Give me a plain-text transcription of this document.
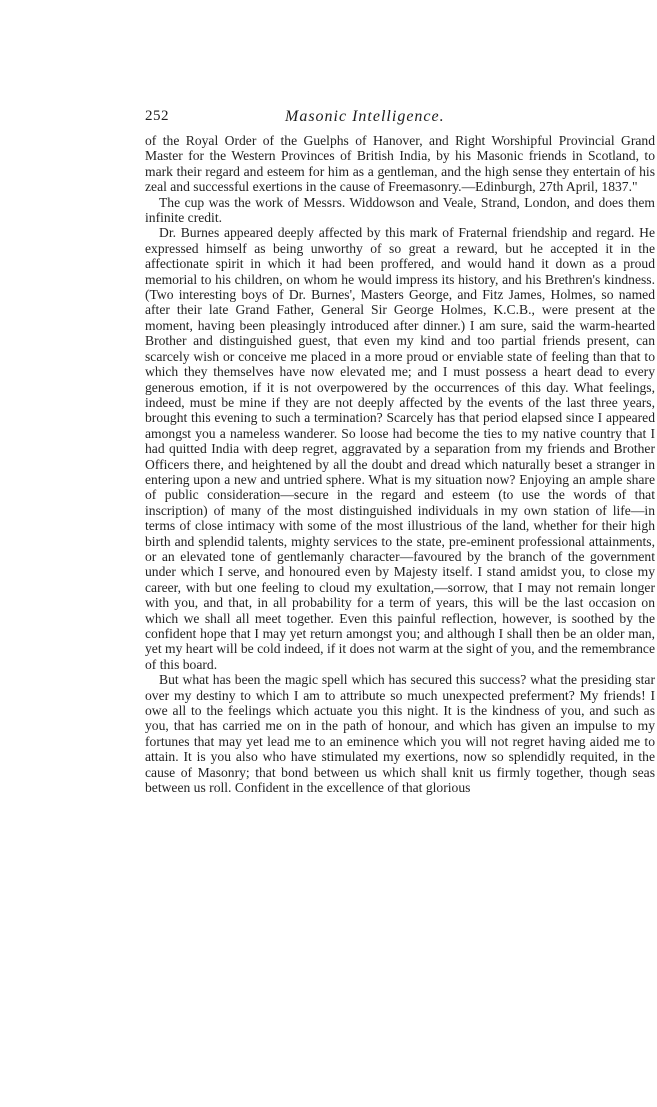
252	Masonic Intelligence.

of the Royal Order of the Guelphs of Hanover, and Right Worshipful Provincial Grand Master for the Western Provinces of British India, by his Masonic friends in Scotland, to mark their regard and esteem for him as a gentleman, and the high sense they entertain of his zeal and successful exertions in the cause of Freemasonry.—Edinburgh, 27th April, 1837."

The cup was the work of Messrs. Widdowson and Veale, Strand, London, and does them infinite credit.

Dr. Burnes appeared deeply affected by this mark of Fraternal friendship and regard. He expressed himself as being unworthy of so great a reward, but he accepted it in the affectionate spirit in which it had been proffered, and would hand it down as a proud memorial to his children, on whom he would impress its history, and his Brethren's kindness. (Two interesting boys of Dr. Burnes', Masters George, and Fitz James, Holmes, so named after their late Grand Father, General Sir George Holmes, K.C.B., were present at the moment, having been pleasingly introduced after dinner.) I am sure, said the warm-hearted Brother and distinguished guest, that even my kind and too partial friends present, can scarcely wish or conceive me placed in a more proud or enviable state of feeling than that to which they themselves have now elevated me; and I must possess a heart dead to every generous emotion, if it is not overpowered by the occurrences of this day. What feelings, indeed, must be mine if they are not deeply affected by the events of the last three years, brought this evening to such a termination? Scarcely has that period elapsed since I appeared amongst you a nameless wanderer. So loose had become the ties to my native country that I had quitted India with deep regret, aggravated by a separation from my friends and Brother Officers there, and heightened by all the doubt and dread which naturally beset a stranger in entering upon a new and untried sphere. What is my situation now? Enjoying an ample share of public consideration—secure in the regard and esteem (to use the words of that inscription) of many of the most distinguished individuals in my own station of life—in terms of close intimacy with some of the most illustrious of the land, whether for their high birth and splendid talents, mighty services to the state, pre-eminent professional attainments, or an elevated tone of gentlemanly character—favoured by the branch of the government under which I serve, and honoured even by Majesty itself. I stand amidst you, to close my career, with but one feeling to cloud my exultation,—sorrow, that I may not remain longer with you, and that, in all probability for a term of years, this will be the last occasion on which we shall all meet together. Even this painful reflection, however, is soothed by the confident hope that I may yet return amongst you; and although I shall then be an older man, yet my heart will be cold indeed, if it does not warm at the sight of you, and the remembrance of this board.

But what has been the magic spell which has secured this success? what the presiding star over my destiny to which I am to attribute so much unexpected preferment? My friends! I owe all to the feelings which actuate you this night. It is the kindness of you, and such as you, that has carried me on in the path of honour, and which has given an impulse to my fortunes that may yet lead me to an eminence which you will not regret having aided me to attain. It is you also who have stimulated my exertions, now so splendidly requited, in the cause of Masonry; that bond between us which shall knit us firmly together, though seas between us roll. Confident in the excellence of that glorious
